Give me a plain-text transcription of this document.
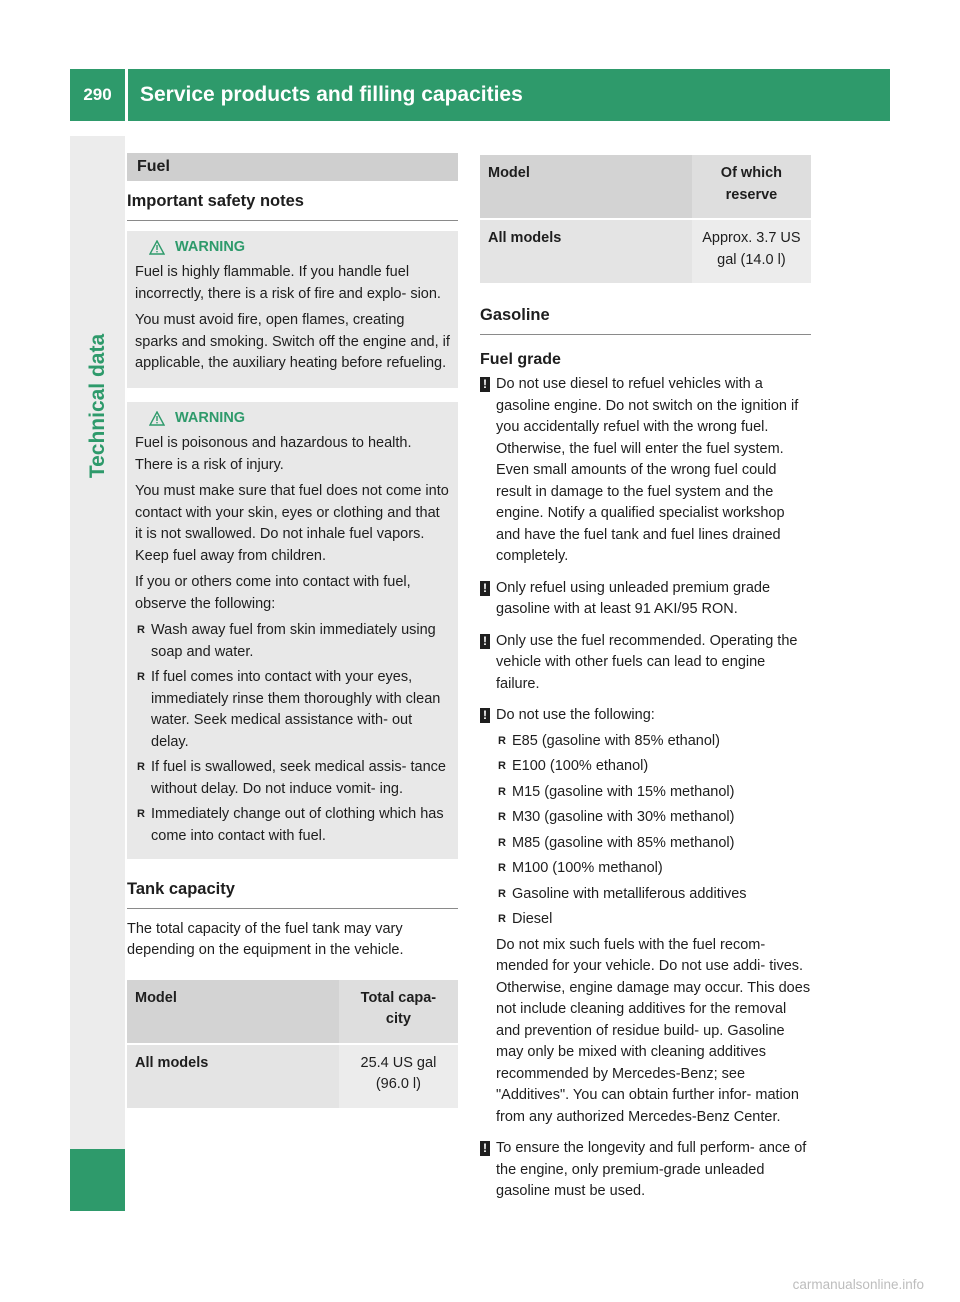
290	Service products and filling capacities
Technical data
Fuel
Important safety notes
WARNING

Fuel is highly flammable. If you handle fuel incorrectly, there is a risk of fire and explo- sion.

You must avoid fire, open flames, creating sparks and smoking. Switch off the engine and, if applicable, the auxiliary heating before refueling.

WARNING

Fuel is poisonous and hazardous to health. There is a risk of injury.

You must make sure that fuel does not come into contact with your skin, eyes or clothing and that it is not swallowed. Do not inhale fuel vapors. Keep fuel away from children.

If you or others come into contact with fuel, observe the following:

R Wash away fuel from skin immediately using soap and water.
R If fuel comes into contact with your eyes, immediately rinse them thoroughly with clean water. Seek medical assistance with- out delay.
R If fuel is swallowed, seek medical assis- tance without delay. Do not induce vomit- ing.
R Immediately change out of clothing which has come into contact with fuel.
Tank capacity

The total capacity of the fuel tank may vary depending on the equipment in the vehicle.

Model	Total capa- city
All models	25.4 US gal (96.0 l)
Model	Of which reserve
All models	Approx. 3.7 US gal (14.0 l)
Gasoline
Fuel grade
! Do not use diesel to refuel vehicles with a gasoline engine. Do not switch on the ignition if you accidentally refuel with the wrong fuel. Otherwise, the fuel will enter the fuel system. Even small amounts of the wrong fuel could result in damage to the fuel system and the engine. Notify a qualified specialist workshop and have the fuel tank and fuel lines drained completely.

! Only refuel using unleaded premium grade gasoline with at least 91 AKI/95 RON.

! Only use the fuel recommended. Operating the vehicle with other fuels can lead to engine failure.

! Do not use the following:

R E85 (gasoline with 85% ethanol)
R E100 (100% ethanol)
R M15 (gasoline with 15% methanol)
R M30 (gasoline with 30% methanol)
R M85 (gasoline with 85% methanol)
R M100 (100% methanol)
R Gasoline with metalliferous additives
R Diesel

Do not mix such fuels with the fuel recom- mended for your vehicle. Do not use addi- tives. Otherwise, engine damage may occur. This does not include cleaning additives for the removal and prevention of residue build- up. Gasoline may only be mixed with cleaning additives recommended by Mercedes-Benz; see "Additives". You can obtain further infor- mation from any authorized Mercedes-Benz Center.

! To ensure the longevity and full perform- ance of the engine, only premium-grade unleaded gasoline must be used.

carmanualsonline.info
